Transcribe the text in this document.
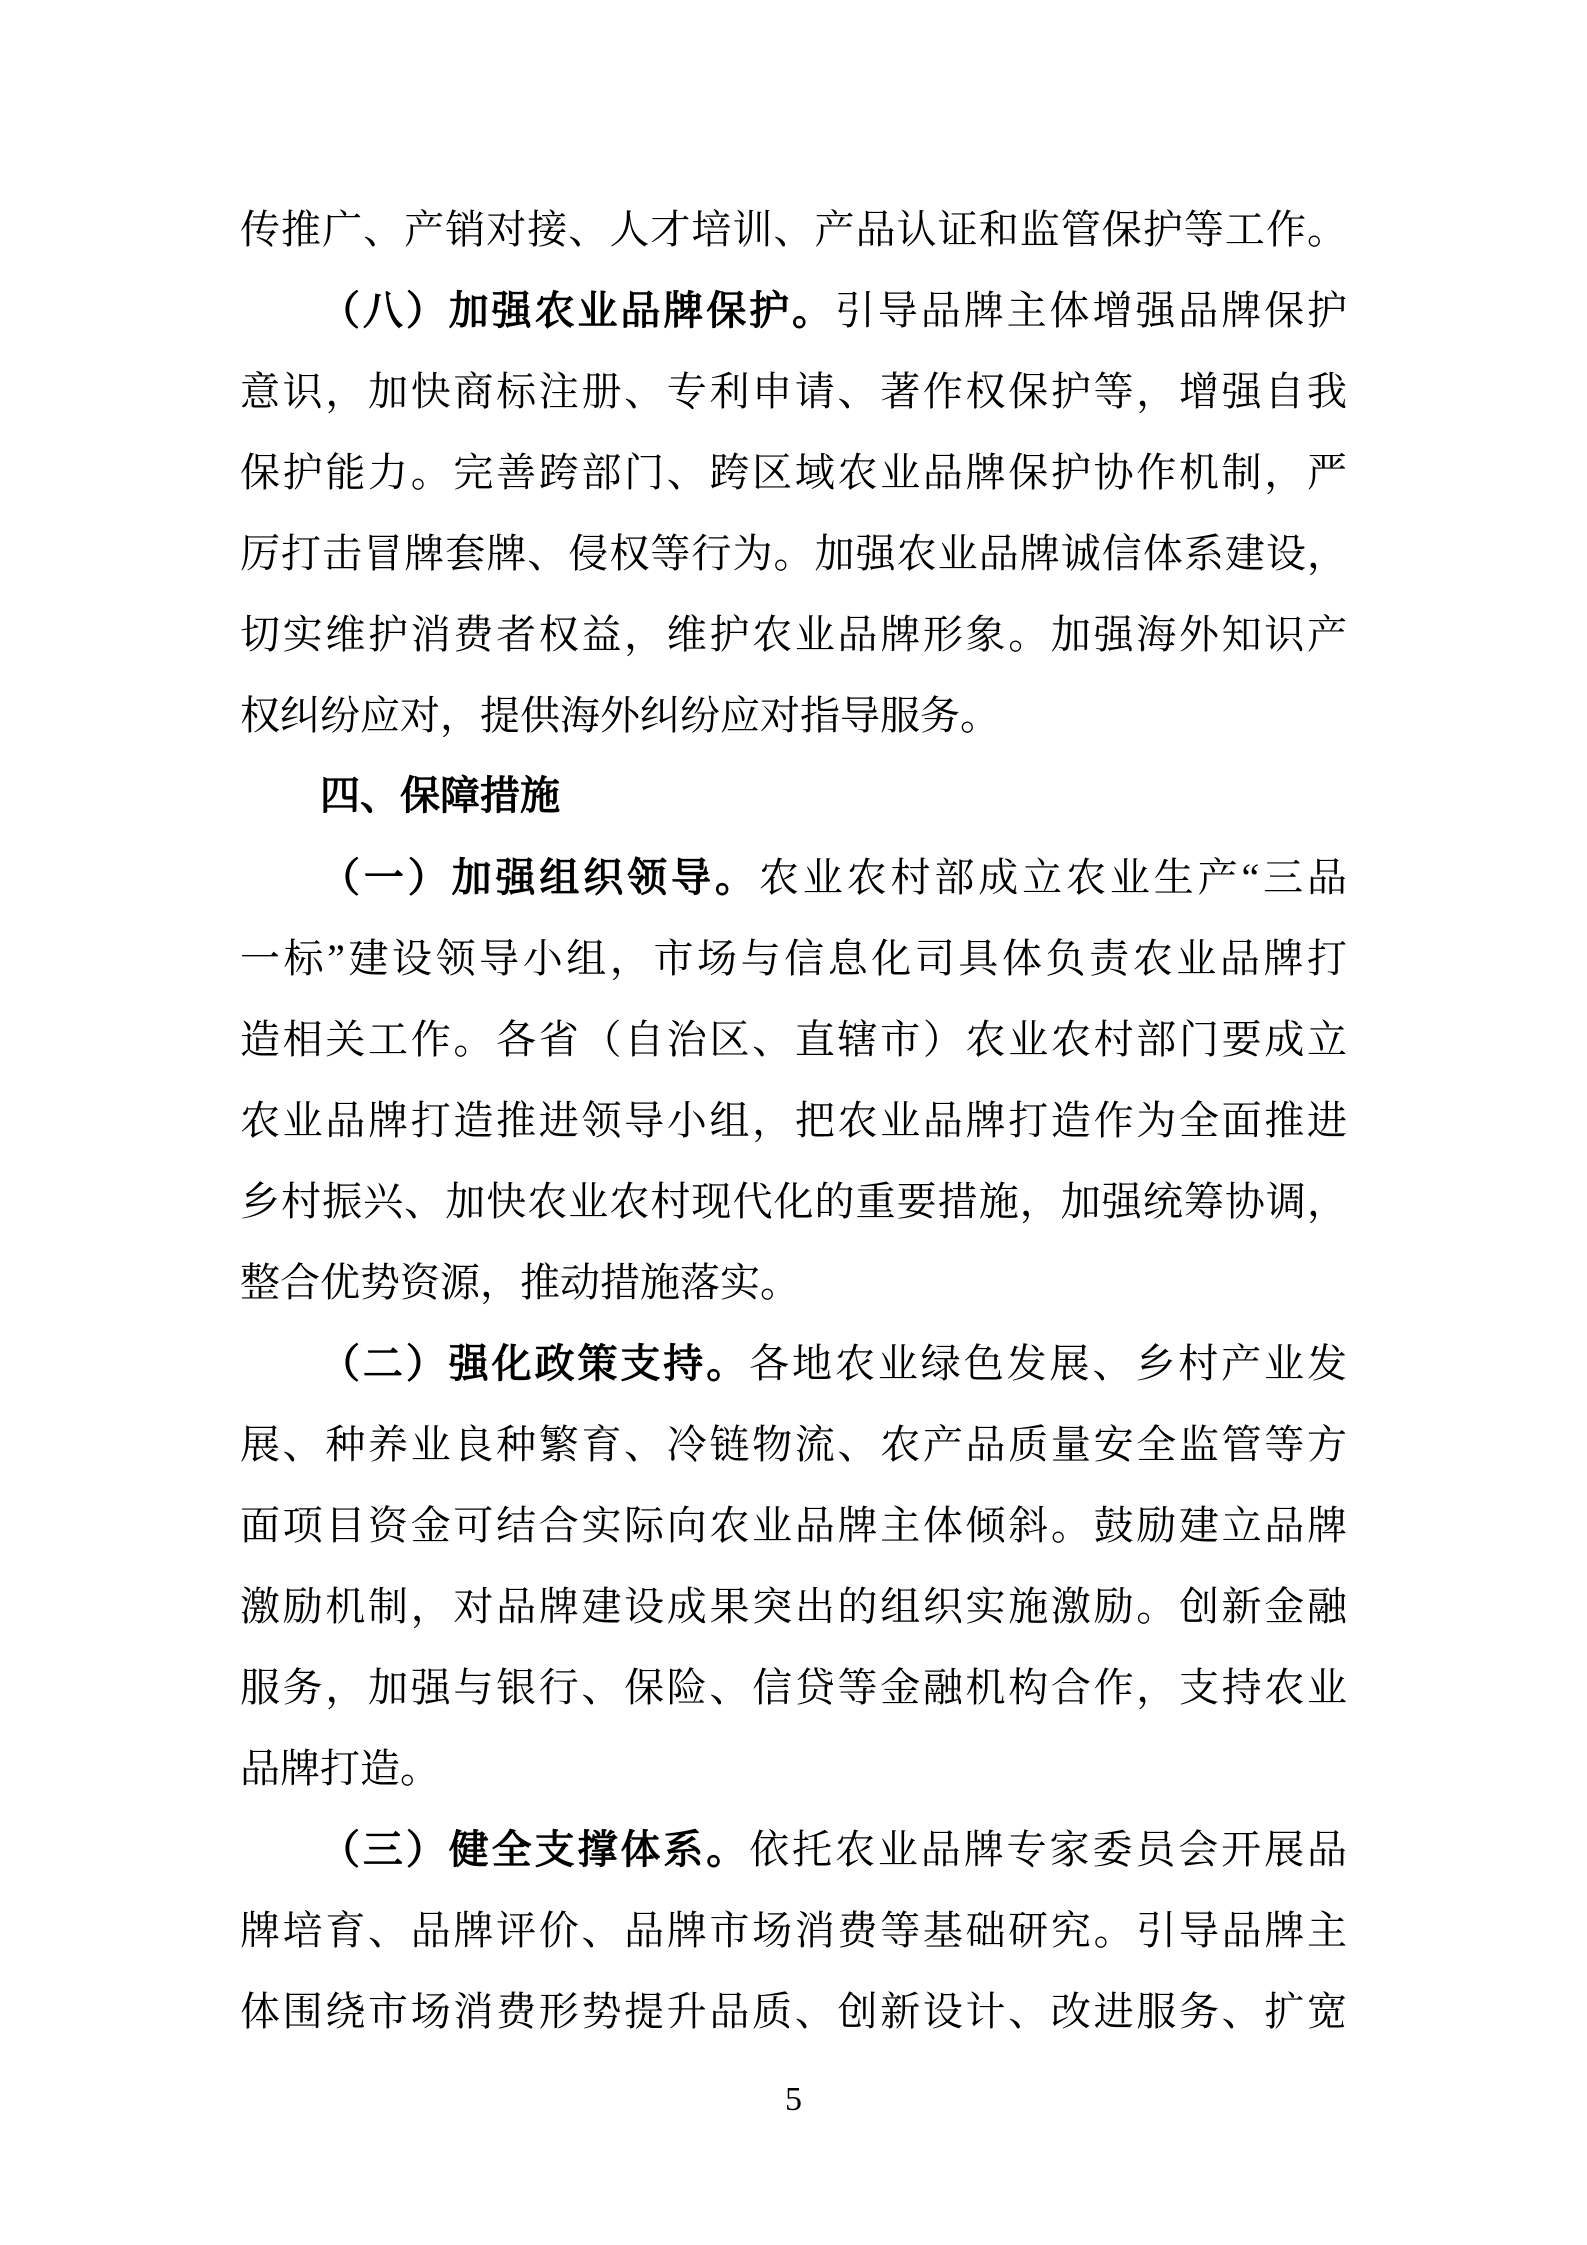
传推广、产销对接、人才培训、产品认证和监管保护等工作。
（八）加强农业品牌保护。引导品牌主体增强品牌保护
意识，加快商标注册、专利申请、著作权保护等，增强自我
保护能力。完善跨部门、跨区域农业品牌保护协作机制，严
厉打击冒牌套牌、侵权等行为。加强农业品牌诚信体系建设，
切实维护消费者权益，维护农业品牌形象。加强海外知识产
权纠纷应对，提供海外纠纷应对指导服务。
四、保障措施
（一）加强组织领导。农业农村部成立农业生产“三品
一标”建设领导小组，市场与信息化司具体负责农业品牌打
造相关工作。各省（自治区、直辖市）农业农村部门要成立
农业品牌打造推进领导小组，把农业品牌打造作为全面推进
乡村振兴、加快农业农村现代化的重要措施，加强统筹协调，
整合优势资源，推动措施落实。
（二）强化政策支持。各地农业绿色发展、乡村产业发
展、种养业良种繁育、冷链物流、农产品质量安全监管等方
面项目资金可结合实际向农业品牌主体倾斜。鼓励建立品牌
激励机制，对品牌建设成果突出的组织实施激励。创新金融
服务，加强与银行、保险、信贷等金融机构合作，支持农业
品牌打造。
（三）健全支撑体系。依托农业品牌专家委员会开展品
牌培育、品牌评价、品牌市场消费等基础研究。引导品牌主
体围绕市场消费形势提升品质、创新设计、改进服务、扩宽
5
